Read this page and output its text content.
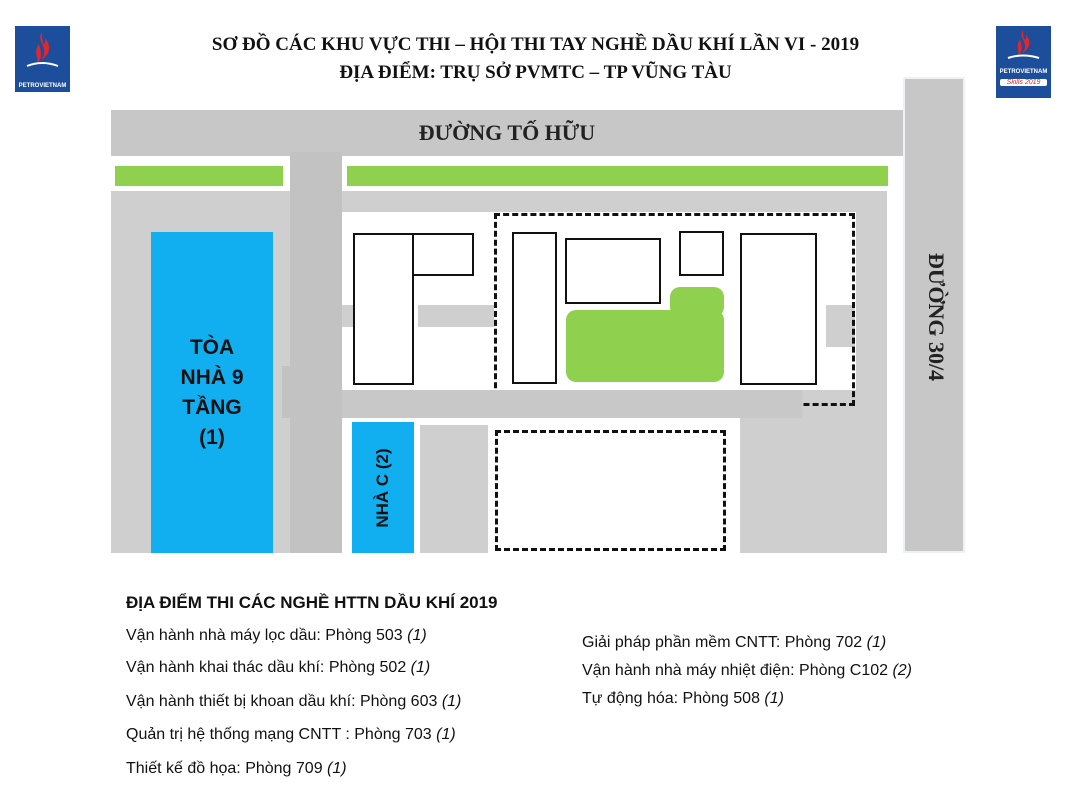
PETROVIETNAM
PETROVIETNAM
Skills 2019
SƠ ĐỒ CÁC KHU VỰC THI – HỘI THI TAY NGHỀ DẦU KHÍ LẦN VI - 2019
ĐỊA ĐIỂM: TRỤ SỞ PVMTC – TP VŨNG TÀU
ĐƯỜNG TỐ HỮU
ĐƯỜNG 30/4
TÒA
NHÀ 9
TẦNG
(1)
NHÀ C (2)
ĐỊA ĐIỂM THI CÁC NGHỀ HTTN DẦU KHÍ 2019
Vận hành nhà máy lọc dầu: Phòng 503 (1)
Vận hành khai thác dầu khí: Phòng 502 (1)
Vận hành thiết bị khoan dầu khí: Phòng 603 (1)
Quản trị hệ thống mạng CNTT : Phòng 703 (1)
Thiết kế đồ họa: Phòng 709 (1)
Giải pháp phần mềm CNTT: Phòng 702 (1)
Vận hành nhà máy nhiệt điện: Phòng C102 (2)
Tự động hóa: Phòng 508 (1)
